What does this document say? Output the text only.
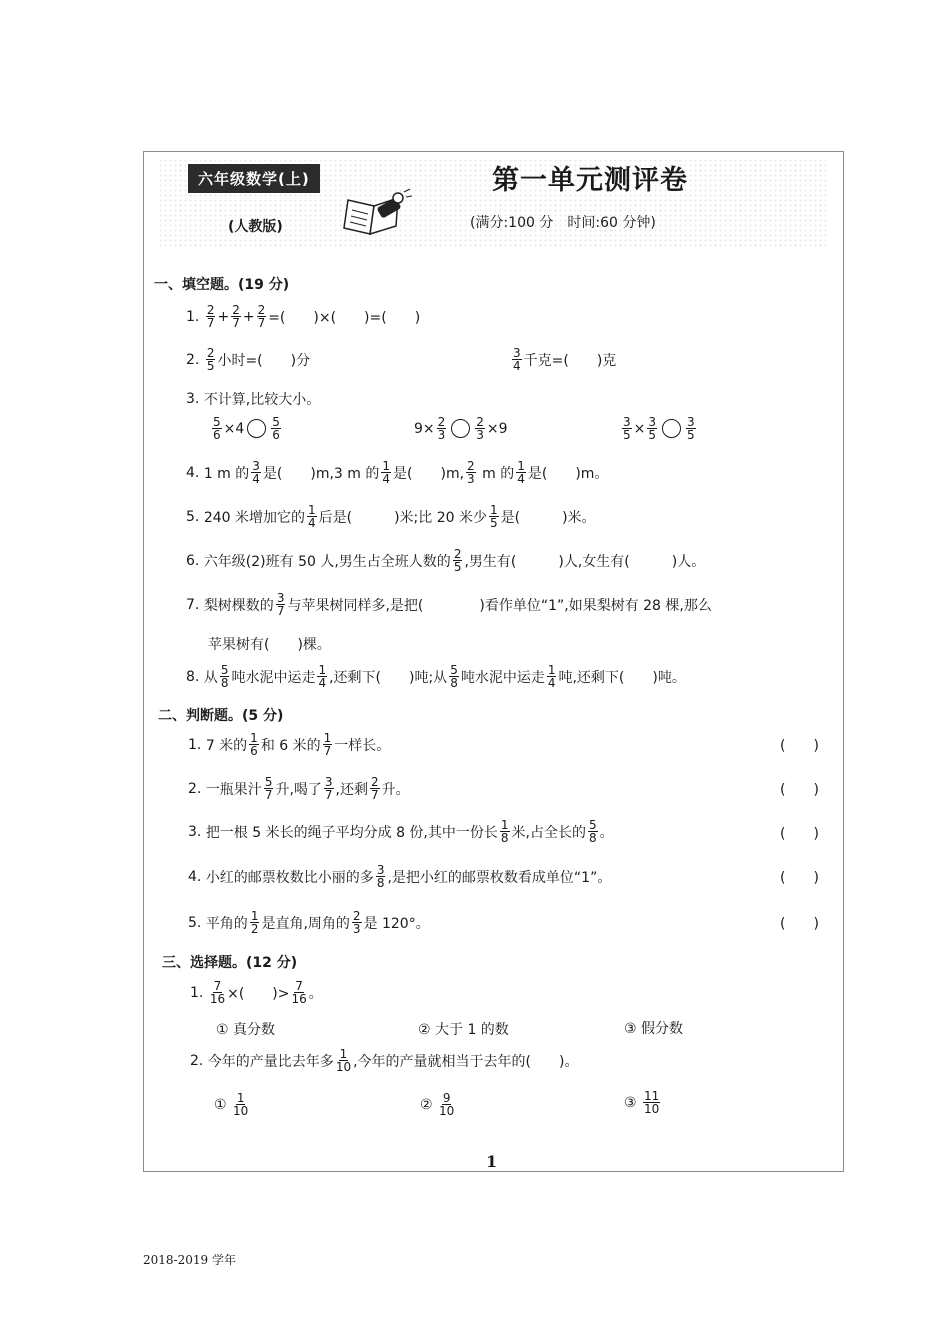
六年级数学(上)
(人教版)
第一单元测评卷
(满分:100 分　时间:60 分钟)
一、填空题。(19 分)
1.
$\frac{2}{7} + \frac{2}{7} + \frac{2}{7}$ =(　　)×(　　)=(　　)
2.
$\frac{2}{5}$ 小时=(　　)分	$\frac{3}{4}$ 千克=(　　)克
3.
不计算,比较大小。
$\frac{5}{6} \times 4 \frac{5}{6}$	$9\times \frac{2}{3} \frac{2}{3} \times 9$	$\frac{3}{5} \times \frac{3}{5} \frac{3}{5}$
4.
1 m 的 $\frac{3}{4}$ 是(　　)m,3 m 的 $\frac{1}{4}$ 是(　　)m, $\frac{2}{3}$ m 的 $\frac{1}{4}$ 是(　　)m。
5.
240 米增加它的 $\frac{1}{4}$ 后是(　　　)米;比 20 米少 $\frac{1}{5}$ 是(　　　)米。
6.
六年级(2)班有 50 人,男生占全班人数的 $\frac{2}{5}$ ,男生有(　　　)人,女生有(　　　)人。
7.
梨树棵数的 $\frac{3}{7}$ 与苹果树同样多,是把(　　　　)看作单位“1”,如果梨树有 28 棵,那么
苹果树有(　　)棵。
8.
从 $\frac{5}{8}$ 吨水泥中运走 $\frac{1}{4}$ ,还剩下(　　)吨;从 $\frac{5}{8}$ 吨水泥中运走 $\frac{1}{4}$ 吨,还剩下(　　)吨。
二、判断题。(5 分)
1.
7 米的 $\frac{1}{6}$ 和 6 米的 $\frac{1}{7}$ 一样长。	(　　)
2.
一瓶果汁 $\frac{5}{7}$ 升,喝了 $\frac{3}{7}$ ,还剩 $\frac{2}{7}$ 升。	(　　)
3.
把一根 5 米长的绳子平均分成 8 份,其中一份长 $\frac{1}{8}$ 米,占全长的 $\frac{5}{8}$ 。	(　　)
4.
小红的邮票枚数比小丽的多 $\frac{3}{8}$ ,是把小红的邮票枚数看成单位“1”。	(　　)
5.
平角的 $\frac{1}{2}$ 是直角,周角的 $\frac{2}{3}$ 是 120°。	(　　)
三、选择题。(12 分)
1.
$\frac{7}{16}$ ×(　　)> $\frac{7}{16}$ 。
① 真分数	② 大于 1 的数	③ 假分数
2.
今年的产量比去年多 $\frac{1}{10}$ ,今年的产量就相当于去年的(　　)。
①
$\frac{1}{10}$	②
$\frac{9}{10}$	③
$\frac{11}{10}$
1
2018-2019 学年
